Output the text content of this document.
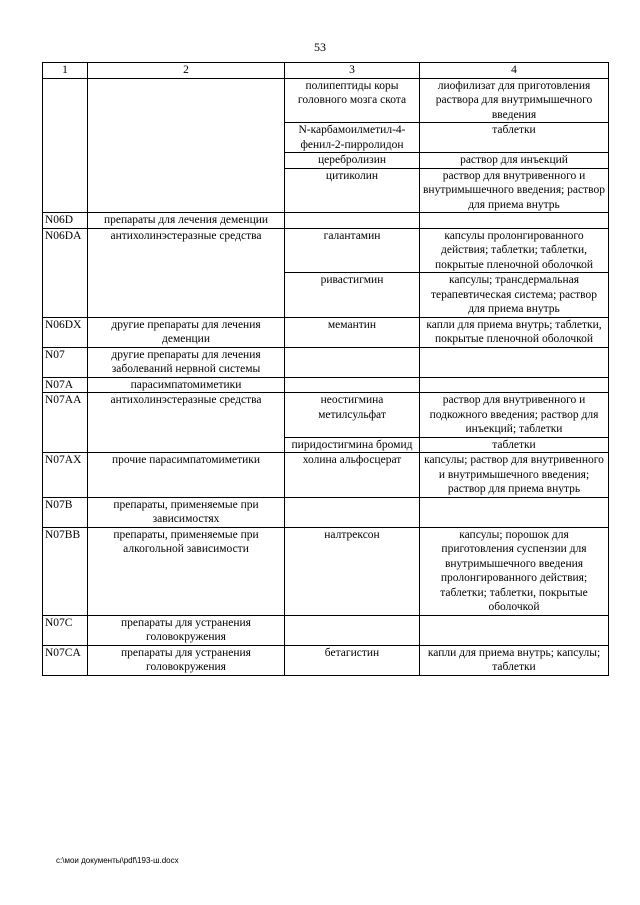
53
1	2	3	4
		полипептиды коры головного мозга скота	лиофилизат для приготовления раствора для внутримышечного введения
		N-карбамоилметил-4-фенил-2-пирролидон	таблетки
		церебролизин	раствор для инъекций
		цитиколин	раствор для внутривенного и внутримышечного введения; раствор для приема внутрь
N06D	препараты для лечения деменции		
N06DA	антихолинэстеразные средства	галантамин	капсулы пролонгированного действия; таблетки; таблетки, покрытые пленочной оболочкой
		ривастигмин	капсулы; трансдермальная терапевтическая система; раствор для приема внутрь
N06DX	другие препараты для лечения деменции	мемантин	капли для приема внутрь; таблетки, покрытые пленочной оболочкой
N07	другие препараты для лечения заболеваний нервной системы		
N07A	парасимпатомиметики		
N07AA	антихолинэстеразные средства	неостигмина метилсульфат	раствор для внутривенного и подкожного введения; раствор для инъекций; таблетки
		пиридостигмина бромид	таблетки
N07AX	прочие парасимпатомиметики	холина альфосцерат	капсулы; раствор для внутривенного и внутримышечного введения; раствор для приема внутрь
N07B	препараты, применяемые при зависимостях		
N07BB	препараты, применяемые при алкогольной зависимости	налтрексон	капсулы; порошок для приготовления суспензии для внутримышечного введения пролонгированного действия; таблетки; таблетки, покрытые оболочкой
N07C	препараты для устранения головокружения		
N07CA	препараты для устранения головокружения	бетагистин	капли для приема внутрь; капсулы; таблетки
c:\мои документы\pdf\193-ш.docx
